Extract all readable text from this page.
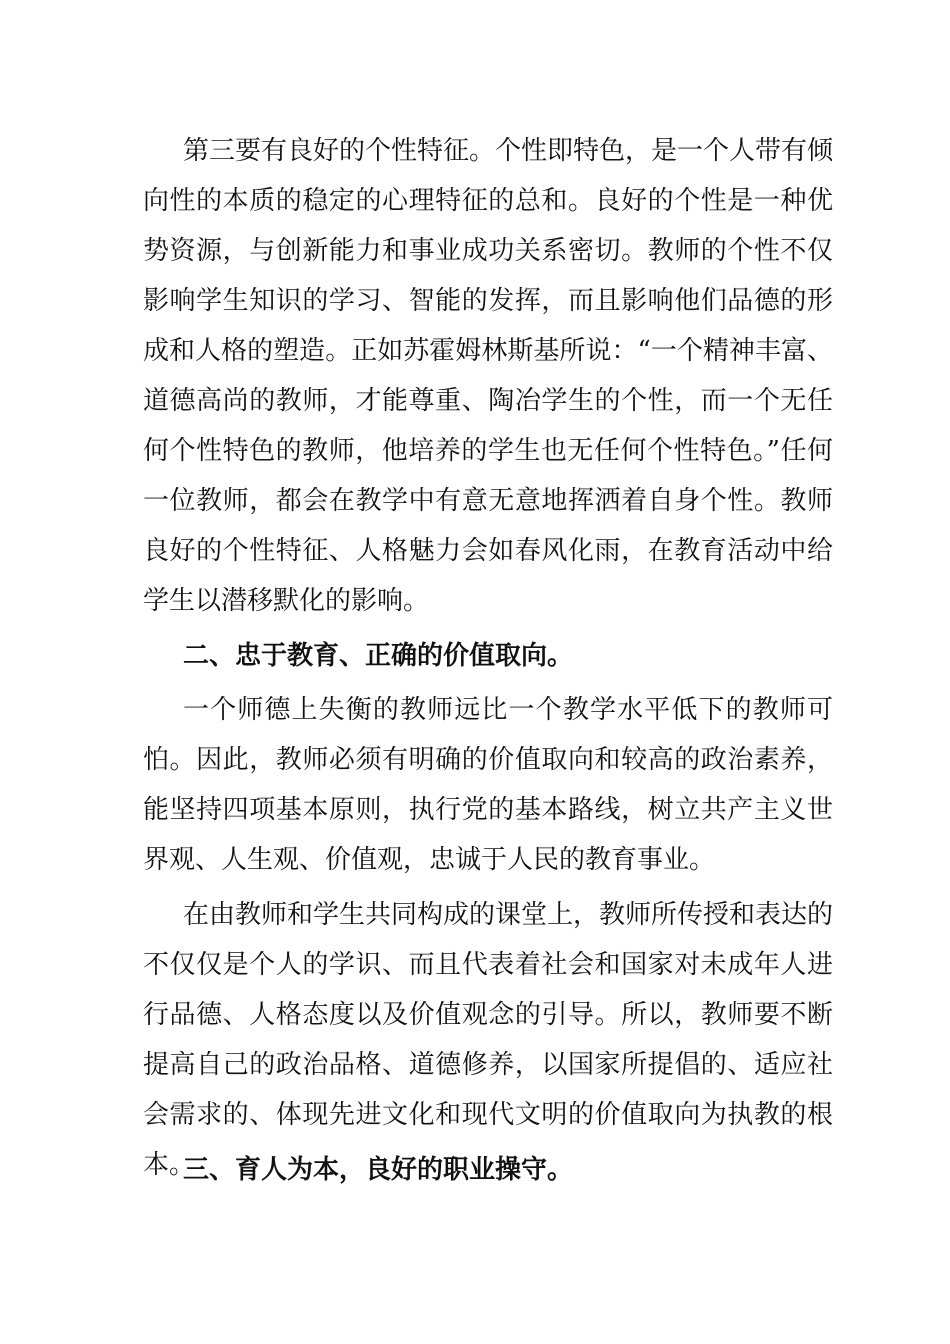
第三要有良好的个性特征。个性即特色，是一个人带有倾向性的本质的稳定的心理特征的总和。良好的个性是一种优势资源，与创新能力和事业成功关系密切。教师的个性不仅影响学生知识的学习、智能的发挥，而且影响他们品德的形成和人格的塑造。正如苏霍姆林斯基所说：“一个精神丰富、道德高尚的教师，才能尊重、陶冶学生的个性，而一个无任何个性特色的教师，他培养的学生也无任何个性特色。”任何一位教师，都会在教学中有意无意地挥洒着自身个性。教师良好的个性特征、人格魅力会如春风化雨，在教育活动中给学生以潜移默化的影响。

二、忠于教育、正确的价值取向。

一个师德上失衡的教师远比一个教学水平低下的教师可怕。因此，教师必须有明确的价值取向和较高的政治素养，能坚持四项基本原则，执行党的基本路线，树立共产主义世界观、人生观、价值观，忠诚于人民的教育事业。

在由教师和学生共同构成的课堂上，教师所传授和表达的不仅仅是个人的学识、而且代表着社会和国家对未成年人进行品德、人格态度以及价值观念的引导。所以，教师要不断提高自己的政治品格、道德修养，以国家所提倡的、适应社会需求的、体现先进文化和现代文明的价值取向为执教的根本。

三、育人为本，良好的职业操守。
